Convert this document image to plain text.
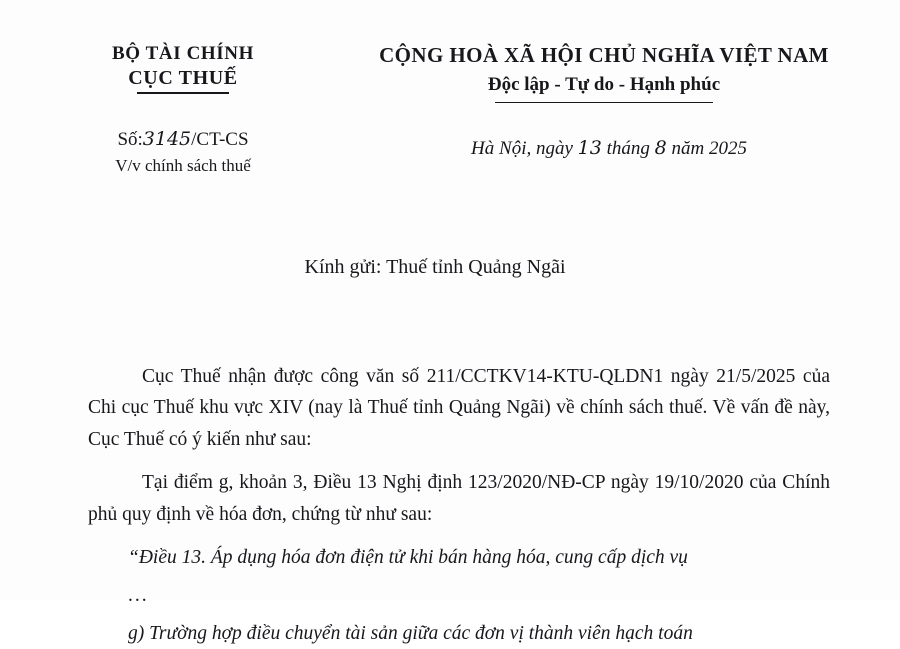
BỘ TÀI CHÍNH
CỤC THUẾ
CỘNG HOÀ XÃ HỘI CHỦ NGHĨA VIỆT NAM
Độc lập - Tự do - Hạnh phúc
Số:3145/CT-CS
V/v chính sách thuế
Hà Nội, ngày 13 tháng 8 năm 2025
Kính gửi: Thuế tỉnh Quảng Ngãi

Cục Thuế nhận được công văn số 211/CCTKV14-KTU-QLDN1 ngày 21/5/2025 của Chi cục Thuế khu vực XIV (nay là Thuế tỉnh Quảng Ngãi) về chính sách thuế. Về vấn đề này, Cục Thuế có ý kiến như sau:

Tại điểm g, khoản 3, Điều 13 Nghị định 123/2020/NĐ-CP ngày 19/10/2020 của Chính phủ quy định về hóa đơn, chứng từ như sau:

“Điều 13. Áp dụng hóa đơn điện tử khi bán hàng hóa, cung cấp dịch vụ

...

g) Trường hợp điều chuyển tài sản giữa các đơn vị thành viên hạch toán
